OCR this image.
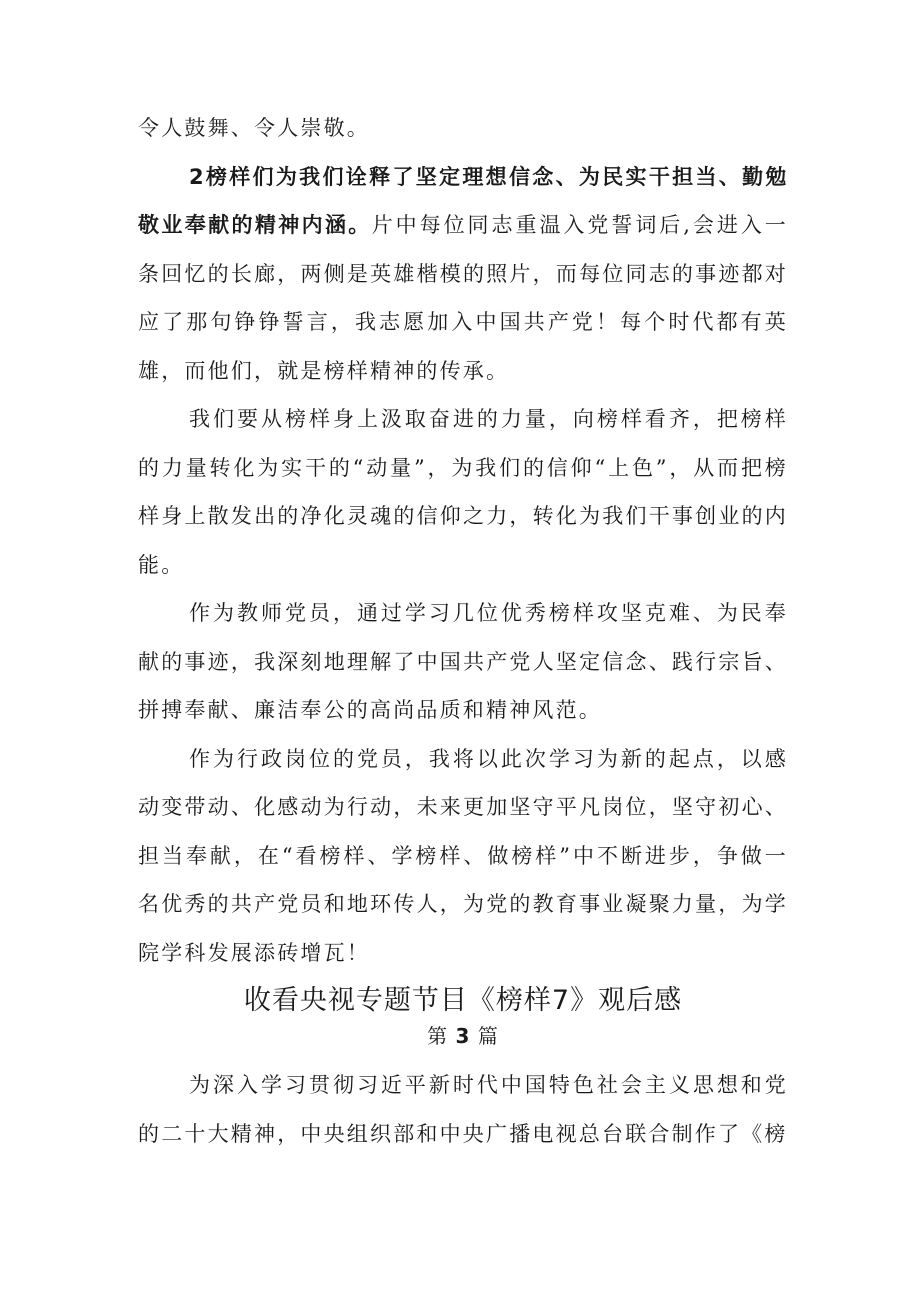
令人鼓舞、令人崇敬。

2榜样们为我们诠释了坚定理想信念、为民实干担当、勤勉敬业奉献的精神内涵。片中每位同志重温入党誓词后,会进入一条回忆的长廊，两侧是英雄楷模的照片，而每位同志的事迹都对应了那句铮铮誓言，我志愿加入中国共产党！每个时代都有英雄，而他们，就是榜样精神的传承。

我们要从榜样身上汲取奋进的力量，向榜样看齐，把榜样的力量转化为实干的“动量”，为我们的信仰“上色”，从而把榜样身上散发出的净化灵魂的信仰之力，转化为我们干事创业的内能。

作为教师党员，通过学习几位优秀榜样攻坚克难、为民奉献的事迹，我深刻地理解了中国共产党人坚定信念、践行宗旨、拼搏奉献、廉洁奉公的高尚品质和精神风范。

作为行政岗位的党员，我将以此次学习为新的起点，以感动变带动、化感动为行动，未来更加坚守平凡岗位，坚守初心、担当奉献，在“看榜样、学榜样、做榜样”中不断进步，争做一名优秀的共产党员和地环传人，为党的教育事业凝聚力量，为学院学科发展添砖增瓦！

收看央视专题节目《榜样7》观后感

第 3 篇

为深入学习贯彻习近平新时代中国特色社会主义思想和党的二十大精神，中央组织部和中央广播电视总台联合制作了《榜
